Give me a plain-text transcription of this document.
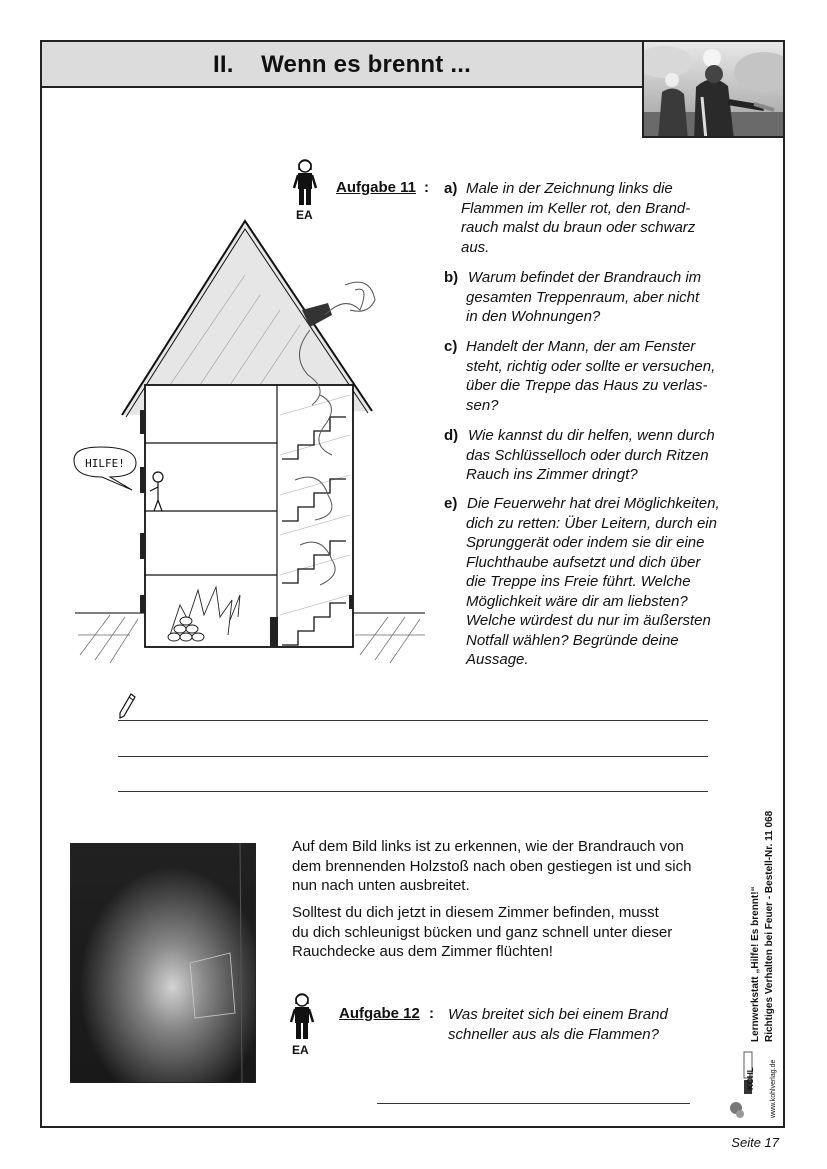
II.    Wenn es brennt ...
EA
Aufgabe 11 : a) Male in der Zeichnung links die
Flammen im Keller rot, den Brand-
rauch malst du braun oder schwarz
aus.
b) Warum befindet der Brandrauch im
gesamten Treppenraum, aber nicht
in den Wohnungen?
c) Handelt der Mann, der am Fenster
steht, richtig oder sollte er versuchen,
über die Treppe das Haus zu verlas-
sen?
d) Wie kannst du dir helfen, wenn durch
das Schlüsselloch oder durch Ritzen
Rauch ins Zimmer dringt?
e) Die Feuerwehr hat drei Möglichkeiten,
dich zu retten: Über Leitern, durch ein
Sprunggerät oder indem sie dir eine
Fluchthaube aufsetzt und dich über
die Treppe ins Freie führt. Welche
Möglichkeit wäre dir am liebsten?
Welche würdest du nur im äußersten
Notfall wählen? Begründe deine
Aussage.
HILFE!
Auf dem Bild links ist zu erkennen, wie der Brandrauch von
dem brennenden Holzstoß nach oben gestiegen ist und sich
nun nach unten ausbreitet.
Solltest du dich jetzt in diesem Zimmer befinden, musst
du dich schleunigst bücken und ganz schnell unter dieser
Rauchdecke aus dem Zimmer flüchten!
EA
Aufgabe 12 : Was breitet sich bei einem Brand
schneller aus als die Flammen?	Lernwerkstatt „Hilfe! Es brennt!“ Richtiges Verhalten bei Feuer - Bestell-Nr. 11 068
KOHL www.kohlverlag.de
Seite 17
